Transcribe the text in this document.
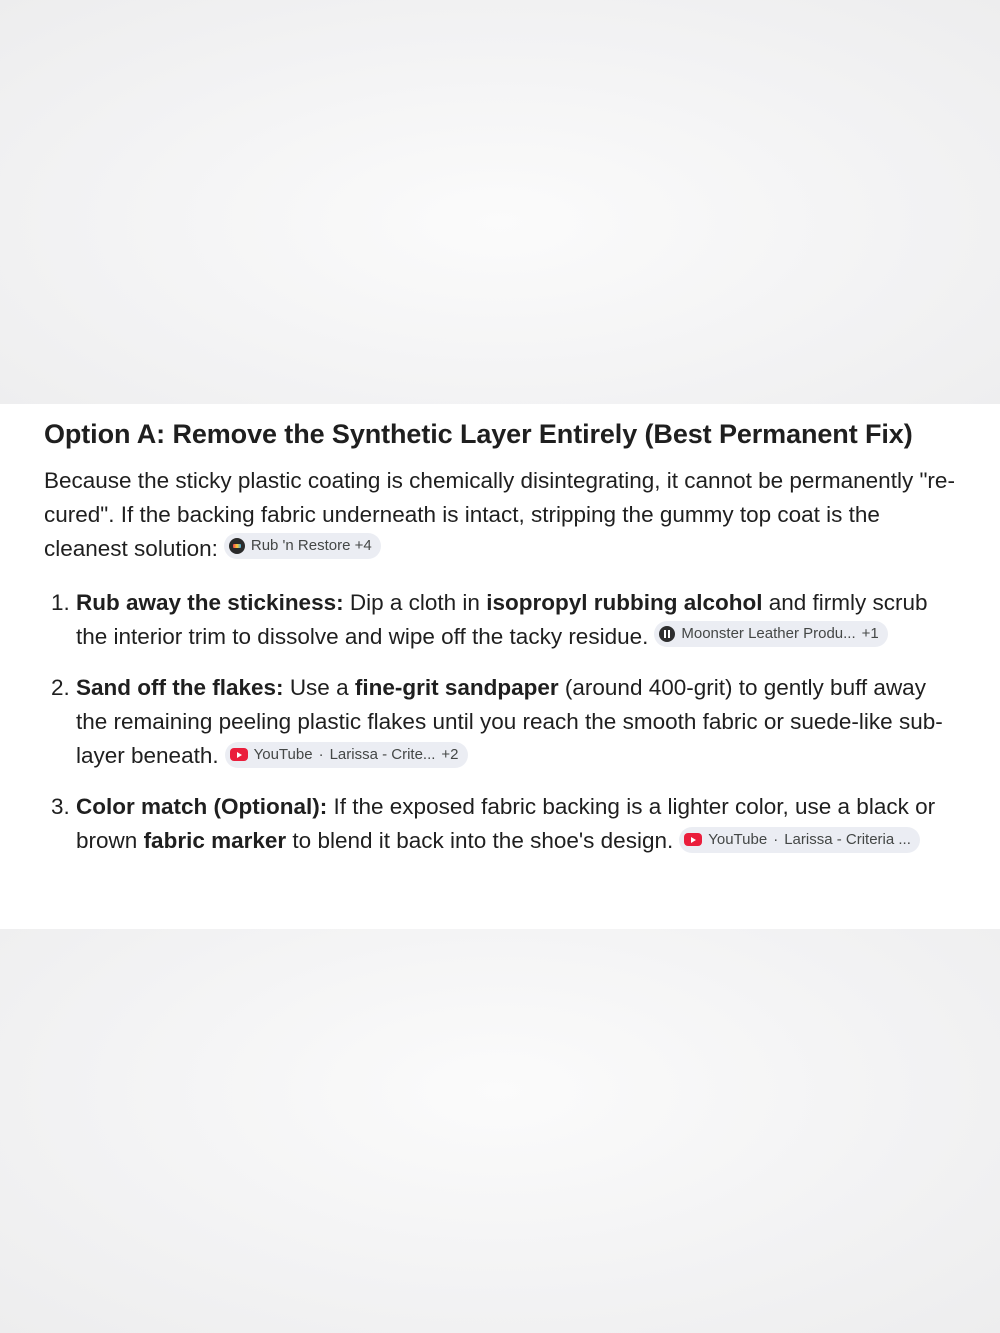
Option A: Remove the Synthetic Layer Entirely (Best Permanent Fix)

Because the sticky plastic coating is chemically disintegrating, it cannot be permanently "re-cured". If the backing fabric underneath is intact, stripping the gummy top coat is the cleanest solution: Rub 'n Restore +4

1. Rub away the stickiness: Dip a cloth in isopropyl rubbing alcohol and firmly scrub the interior trim to dissolve and wipe off the tacky residue. Moonster Leather Produ... +1
2. Sand off the flakes: Use a fine-grit sandpaper (around 400-grit) to gently buff away the remaining peeling plastic flakes until you reach the smooth fabric or suede-like sub-layer beneath. YouTube · Larissa - Crite... +2
3. Color match (Optional): If the exposed fabric backing is a lighter color, use a black or brown fabric marker to blend it back into the shoe's design. YouTube · Larissa - Criteria ...
